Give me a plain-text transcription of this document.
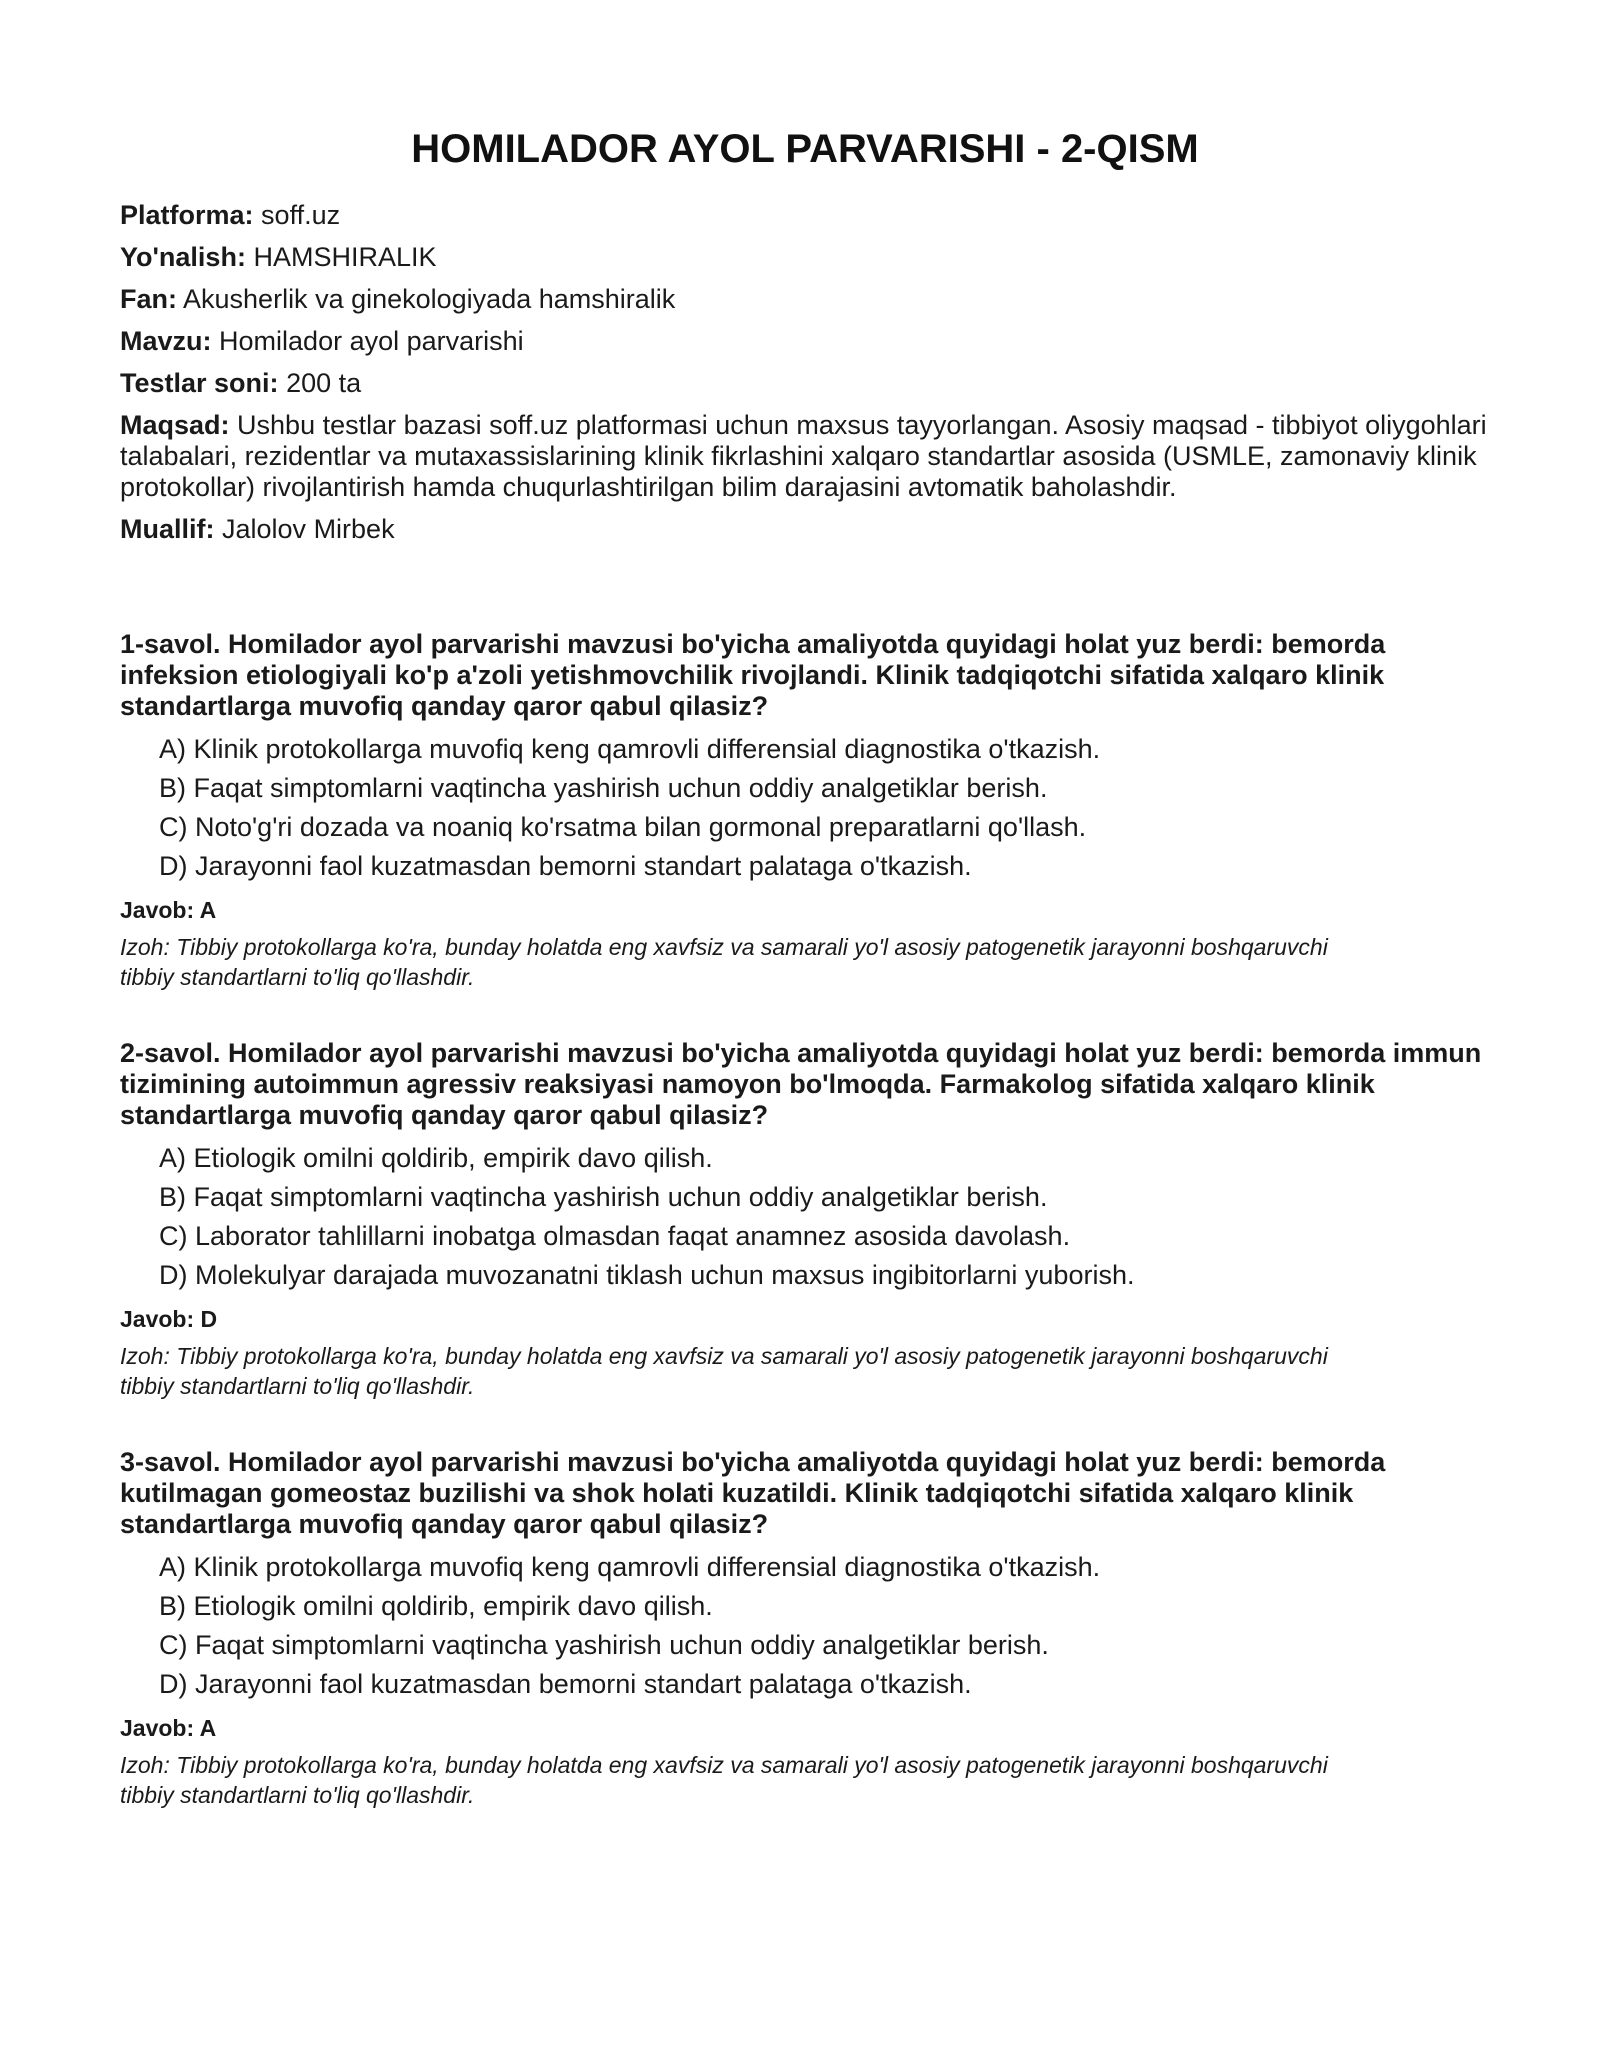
HOMILADOR AYOL PARVARISHI - 2-QISM
Platforma: soff.uz
Yo'nalish: HAMSHIRALIK
Fan: Akusherlik va ginekologiyada hamshiralik
Mavzu: Homilador ayol parvarishi
Testlar soni: 200 ta
Maqsad: Ushbu testlar bazasi soff.uz platformasi uchun maxsus tayyorlangan. Asosiy maqsad - tibbiyot oliygohlari talabalari, rezidentlar va mutaxassislarining klinik fikrlashini xalqaro standartlar asosida (USMLE, zamonaviy klinik protokollar) rivojlantirish hamda chuqurlashtirilgan bilim darajasini avtomatik baholashdir.
Muallif: Jalolov Mirbek

1-savol. Homilador ayol parvarishi mavzusi bo'yicha amaliyotda quyidagi holat yuz berdi: bemorda infeksion etiologiyali ko'p a'zoli yetishmovchilik rivojlandi. Klinik tadqiqotchi sifatida xalqaro klinik standartlarga muvofiq qanday qaror qabul qilasiz?

A) Klinik protokollarga muvofiq keng qamrovli differensial diagnostika o'tkazish.
B) Faqat simptomlarni vaqtincha yashirish uchun oddiy analgetiklar berish.
C) Noto'g'ri dozada va noaniq ko'rsatma bilan gormonal preparatlarni qo'llash.
D) Jarayonni faol kuzatmasdan bemorni standart palataga o'tkazish.
Javob: A
Izoh: Tibbiy protokollarga ko'ra, bunday holatda eng xavfsiz va samarali yo'l asosiy patogenetik jarayonni boshqaruvchi tibbiy standartlarni to'liq qo'llashdir.

2-savol. Homilador ayol parvarishi mavzusi bo'yicha amaliyotda quyidagi holat yuz berdi: bemorda immun tizimining autoimmun agressiv reaksiyasi namoyon bo'lmoqda. Farmakolog sifatida xalqaro klinik standartlarga muvofiq qanday qaror qabul qilasiz?

A) Etiologik omilni qoldirib, empirik davo qilish.
B) Faqat simptomlarni vaqtincha yashirish uchun oddiy analgetiklar berish.
C) Laborator tahlillarni inobatga olmasdan faqat anamnez asosida davolash.
D) Molekulyar darajada muvozanatni tiklash uchun maxsus ingibitorlarni yuborish.
Javob: D
Izoh: Tibbiy protokollarga ko'ra, bunday holatda eng xavfsiz va samarali yo'l asosiy patogenetik jarayonni boshqaruvchi tibbiy standartlarni to'liq qo'llashdir.

3-savol. Homilador ayol parvarishi mavzusi bo'yicha amaliyotda quyidagi holat yuz berdi: bemorda kutilmagan gomeostaz buzilishi va shok holati kuzatildi. Klinik tadqiqotchi sifatida xalqaro klinik standartlarga muvofiq qanday qaror qabul qilasiz?

A) Klinik protokollarga muvofiq keng qamrovli differensial diagnostika o'tkazish.
B) Etiologik omilni qoldirib, empirik davo qilish.
C) Faqat simptomlarni vaqtincha yashirish uchun oddiy analgetiklar berish.
D) Jarayonni faol kuzatmasdan bemorni standart palataga o'tkazish.
Javob: A
Izoh: Tibbiy protokollarga ko'ra, bunday holatda eng xavfsiz va samarali yo'l asosiy patogenetik jarayonni boshqaruvchi tibbiy standartlarni to'liq qo'llashdir.
